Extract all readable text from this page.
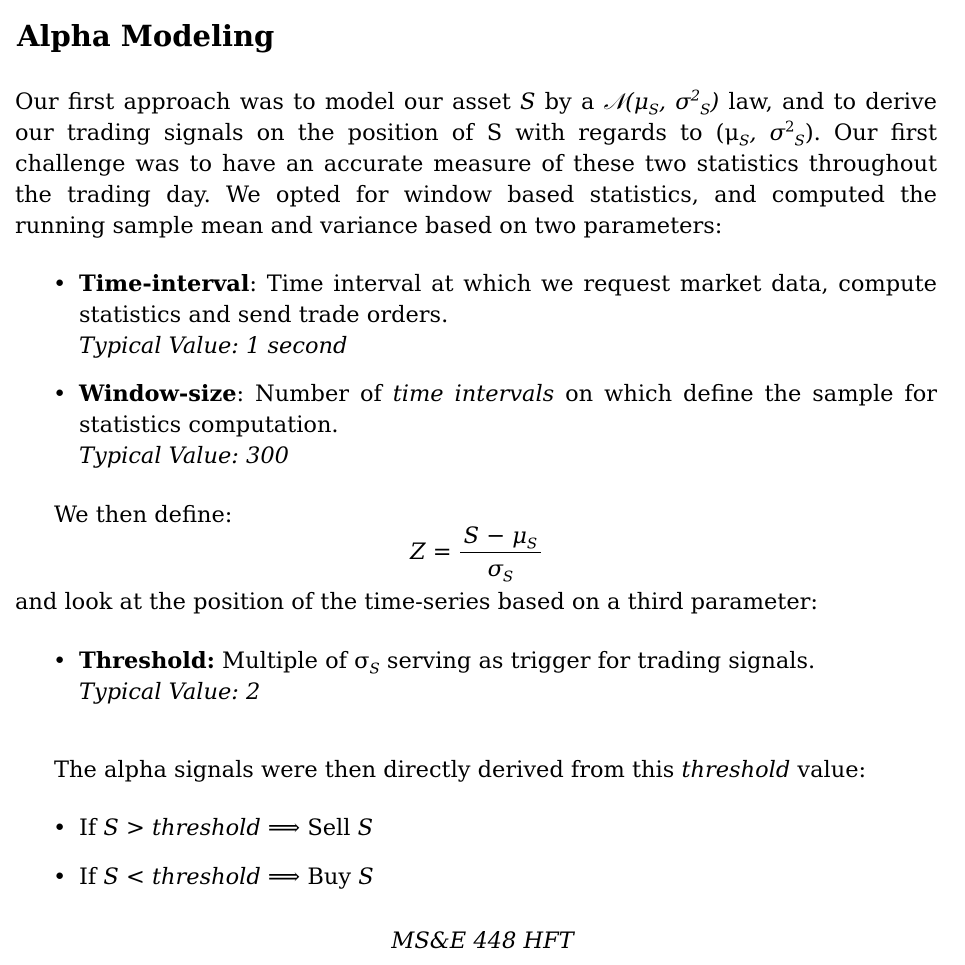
Alpha Modeling

Our first approach was to model our asset S by a $𝒩(\mu_S$, $\sigma^2_S$) law, and to derive our trading signals on the position of S with regards to ($\mu_S$, $\sigma^2_S$). Our first challenge was to have an accurate measure of these two statistics throughout the trading day. We opted for window based statistics, and computed the running sample mean and variance based on two parameters:

• Time-interval: Time interval at which we request market data, compute statistics and send trade orders.
Typical Value: 1 second
• Window-size: Number of time intervals on which define the sample for statistics computation.
Typical Value: 300

We then define:

$Z = \frac{S - \mu_S}{\sigma_S}$

and look at the position of the time-series based on a third parameter:

• Threshold: Multiple of $\sigma_S$ serving as trigger for trading signals.
Typical Value: 2

The alpha signals were then directly derived from this threshold value:

• If S > threshold ⟹ Sell S
• If S < threshold ⟹ Buy S
MS&E 448 HFT
